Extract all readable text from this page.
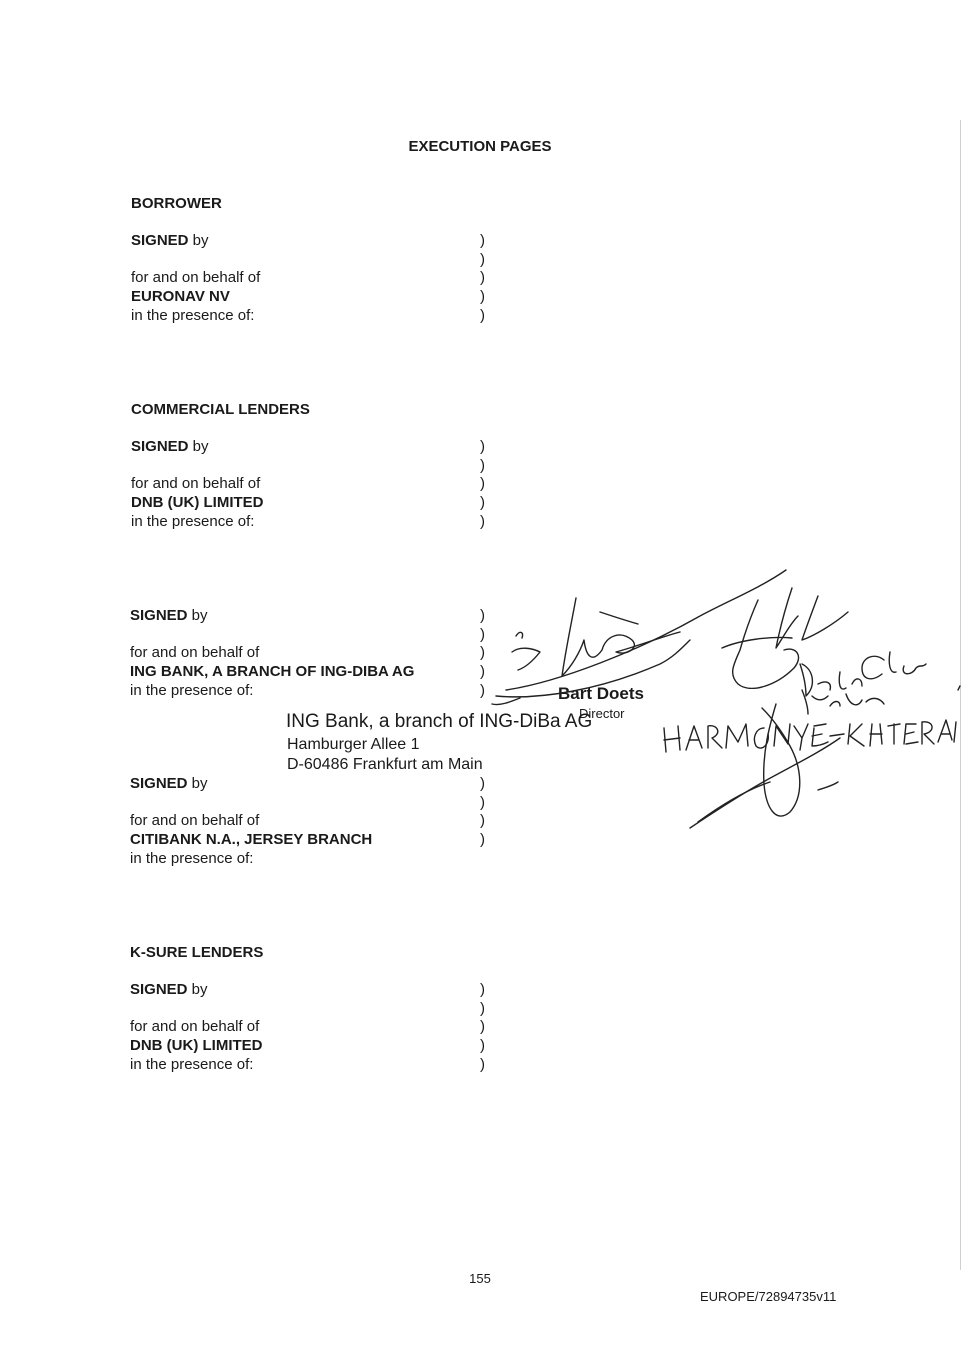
EXECUTION PAGES
BORROWER
SIGNED by
for and on behalf of
EURONAV NV
in the presence of:
)
)
)
)
)
COMMERCIAL LENDERS
SIGNED by
for and on behalf of
DNB (UK) LIMITED
in the presence of:
)
)
)
)
)
SIGNED by
for and on behalf of
ING BANK, A BRANCH OF ING-DIBA AG
in the presence of:
)
)
)
)
)
ING Bank, a branch of ING-DiBa AG
Hamburger Allee 1
D-60486 Frankfurt am Main
Bart Doets
Director
SIGNED by
for and on behalf of
CITIBANK N.A., JERSEY BRANCH
in the presence of:
)
)
)
)
K-SURE LENDERS
SIGNED by
for and on behalf of
DNB (UK) LIMITED
in the presence of:
)
)
)
)
)
155
EUROPE/72894735v11
